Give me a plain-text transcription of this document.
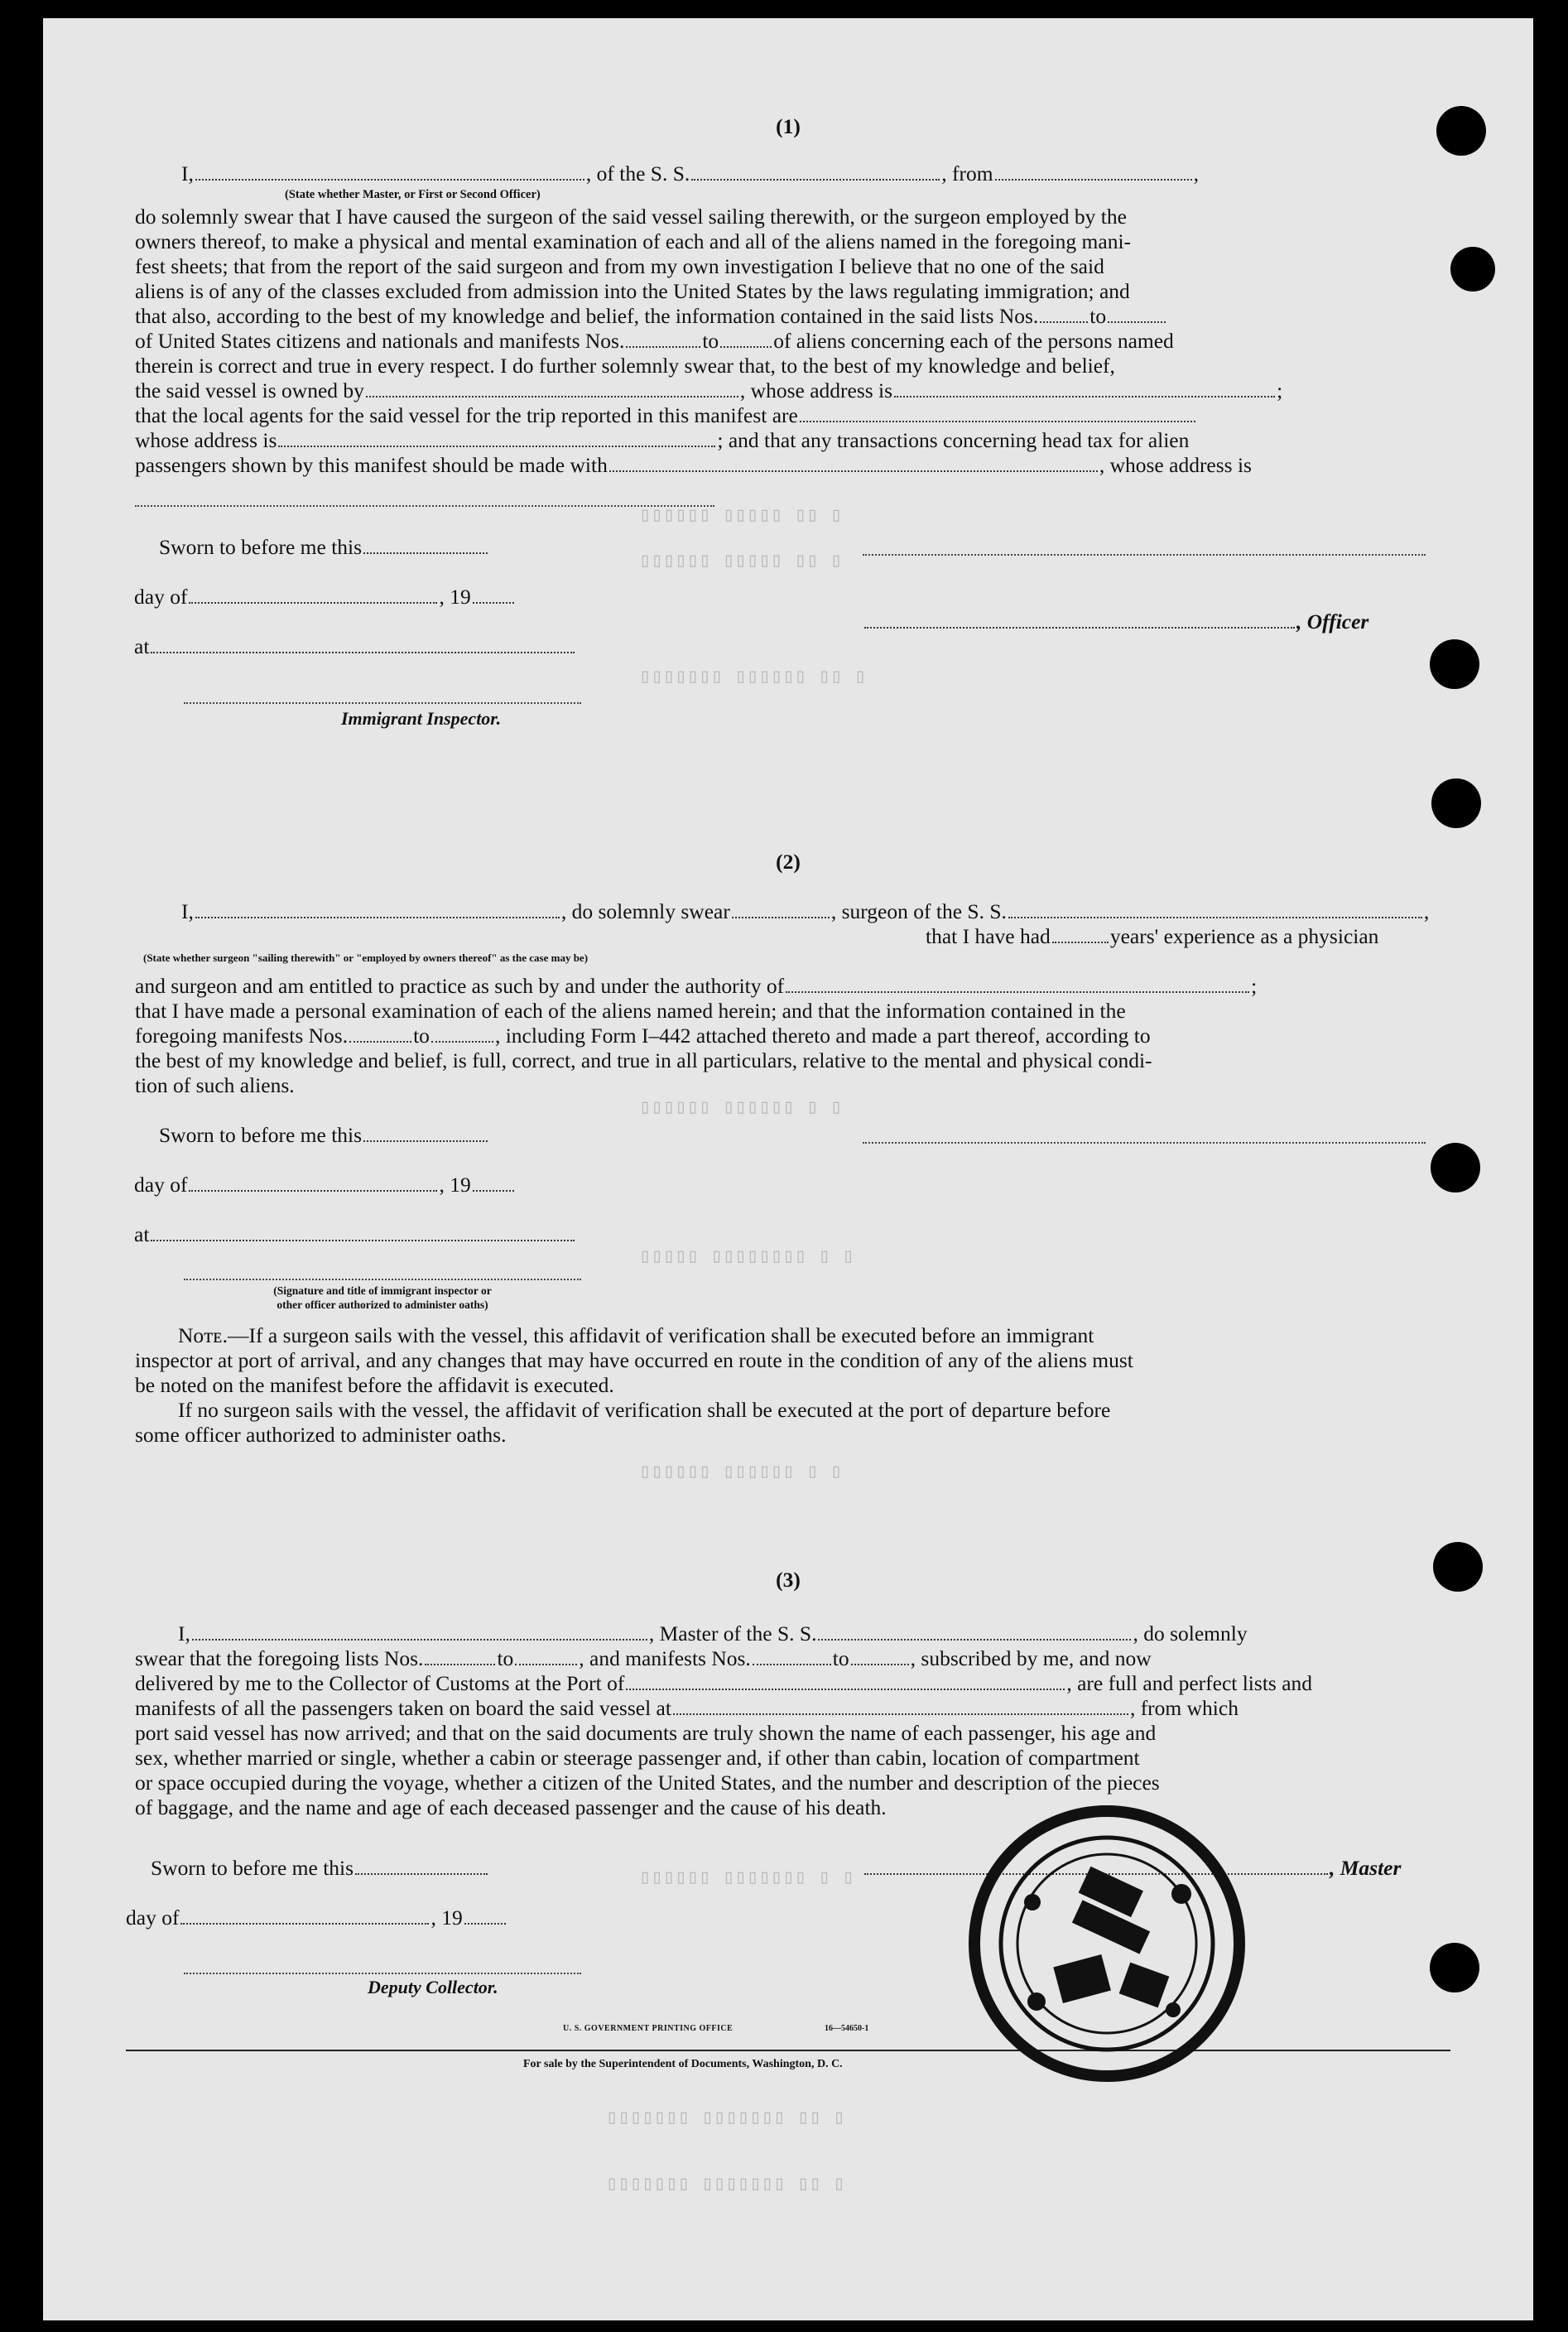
▯▯▯▯▯▯ ▯▯▯▯▯ ▯▯ ▯
▯▯▯▯▯▯ ▯▯▯▯▯ ▯▯ ▯
▯▯▯▯▯▯▯ ▯▯▯▯▯▯ ▯▯ ▯
▯▯▯▯▯▯ ▯▯▯▯▯▯ ▯ ▯
▯▯▯▯▯ ▯▯▯▯▯▯▯▯ ▯ ▯
▯▯▯▯▯▯ ▯▯▯▯▯▯ ▯ ▯
▯▯▯▯▯▯ ▯▯▯▯▯▯▯ ▯ ▯
▯▯▯▯▯▯▯ ▯▯▯▯▯▯▯ ▯▯ ▯
▯▯▯▯▯▯▯ ▯▯▯▯▯▯▯ ▯▯ ▯
(1)
I,	, of the S. S.	, from	,
(State whether Master, or First or Second Officer)
do solemnly swear that I have caused the surgeon of the said vessel sailing therewith, or the surgeon employed by the
owners thereof, to make a physical and mental examination of each and all of the aliens named in the foregoing mani-
fest sheets; that from the report of the said surgeon and from my own investigation I believe that no one of the said
aliens is of any of the classes excluded from admission into the United States by the laws regulating immigration; and
that also, according to the best of my knowledge and belief, the information contained in the said lists Nos. to
of United States citizens and nationals and manifests Nos.	to	of aliens concerning each of the persons named
therein is correct and true in every respect. I do further solemnly swear that, to the best of my knowledge and belief,
the said vessel is owned by	, whose address is	;
that the local agents for the said vessel for the trip reported in this manifest are
whose address is	; and that any transactions concerning head tax for alien
passengers shown by this manifest should be made with	, whose address is
Sworn to before me this
day of	, 19
, Officer
at
Immigrant Inspector.
(2)
I,	, do solemnly swear	, surgeon of the S. S.	,
that I have had	years' experience as a physician
(State whether surgeon "sailing therewith" or "employed by owners thereof" as the case may be)
and surgeon and am entitled to practice as such by and under the authority of	;
that I have made a personal examination of each of the aliens named herein; and that the information contained in the
foregoing manifests Nos.	to	, including Form I–442 attached thereto and made a part thereof, according to
the best of my knowledge and belief, is full, correct, and true in all particulars, relative to the mental and physical condi-
tion of such aliens.
Sworn to before me this
day of	, 19
at
(Signature and title of immigrant inspector or
other officer authorized to administer oaths)
Nᴏᴛᴇ.—If a surgeon sails with the vessel, this affidavit of verification shall be executed before an immigrant
inspector at port of arrival, and any changes that may have occurred en route in the condition of any of the aliens must
be noted on the manifest before the affidavit is executed.
If no surgeon sails with the vessel, the affidavit of verification shall be executed at the port of departure before
some officer authorized to administer oaths.
(3)
I,	, Master of the S. S.	, do solemnly
swear that the foregoing lists Nos.	to	, and manifests Nos.	to	, subscribed by me, and now
delivered by me to the Collector of Customs at the Port of	, are full and perfect lists and
manifests of all the passengers taken on board the said vessel at	, from which
port said vessel has now arrived; and that on the said documents are truly shown the name of each passenger, his age and
sex, whether married or single, whether a cabin or steerage passenger and, if other than cabin, location of compartment
or space occupied during the voyage, whether a citizen of the United States, and the number and description of the pieces
of baggage, and the name and age of each deceased passenger and the cause of his death.
Sworn to before me this	, Master
day of	, 19
Deputy Collector.
U. S. GOVERNMENT PRINTING OFFICE	16—54650-1
For sale by the Superintendent of Documents, Washington, D. C.
